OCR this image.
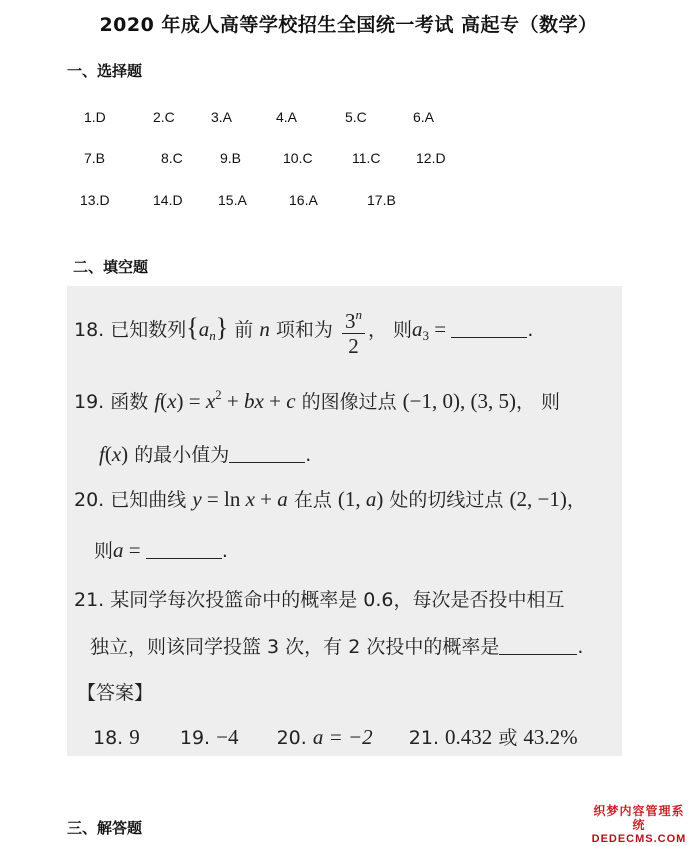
2020 年成人高等学校招生全国统一考试 高起专（数学）
一、选择题
1.D	2.C	3.A	4.A	5.C	6.A
7.B	8.C	9.B	10.C	11.C	12.D
13.D	14.D	15.A	16.A	17.B
二、填空题
18. 已知数列$\{a_n\}$ 前 n 项和为 $\frac{3^n}{2}$ ， 则$a_3$ =	.
19. 函数 $f(x) = x^2$ + bx + c 的图像过点 (−1, 0), (3, 5)， 则
f(x) 的最小值为	.
20. 已知曲线 y = ln x + a 在点 (1, a) 处的切线过点 (2, −1)，
则a =	.
21. 某同学每次投篮命中的概率是 0.6，每次是否投中相互
独立，则该同学投篮 3 次，有 2 次投中的概率是	.
【答案】
18. 9 19. −4 20. a = −2 21. 0.432 或 43.2%
三、解答题
织梦内容管理系统
DEDECMS.COM
